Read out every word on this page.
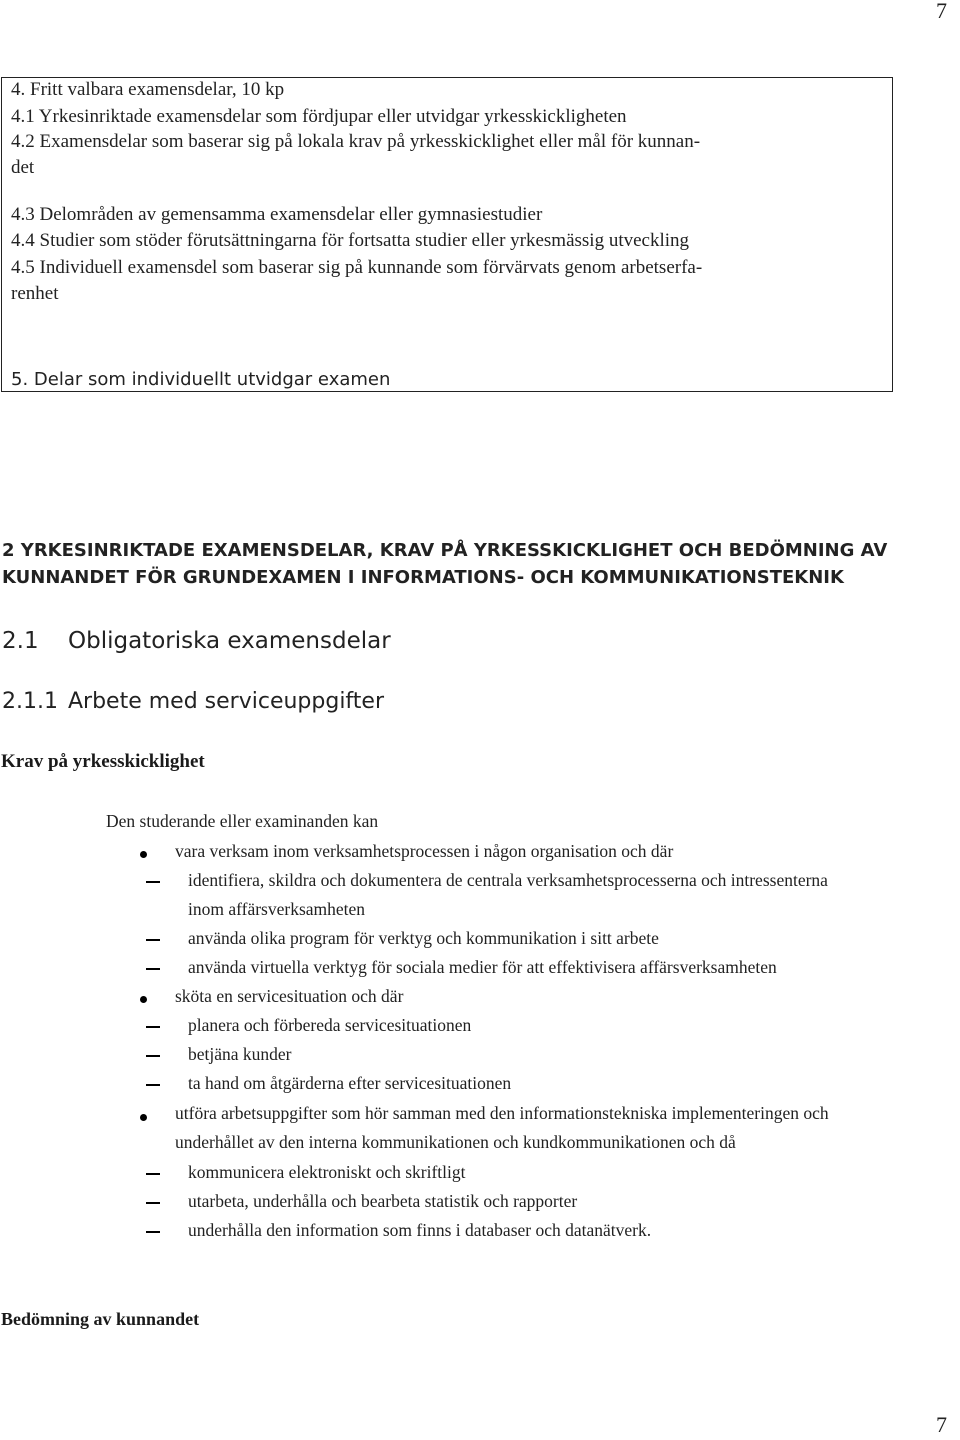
7
7
4. Fritt valbara examensdelar, 10 kp
4.1 Yrkesinriktade examensdelar som fördjupar eller utvidgar yrkesskickligheten
4.2 Examensdelar som baserar sig på lokala krav på yrkesskicklighet eller mål för kunnan-
det
4.3 Delområden av gemensamma examensdelar eller gymnasiestudier
4.4 Studier som stöder förutsättningarna för fortsatta studier eller yrkesmässig utveckling
4.5 Individuell examensdel som baserar sig på kunnande som förvärvats genom arbetserfa-
renhet
5. Delar som individuellt utvidgar examen
2 YRKESINRIKTADE EXAMENSDELAR, KRAV PÅ YRKESSKICKLIGHET OCH BEDÖMNING AV
KUNNANDET FÖR GRUNDEXAMEN I INFORMATIONS- OCH KOMMUNIKATIONSTEKNIK
2.1 Obligatoriska examensdelar
2.1.1 Arbete med serviceuppgifter
Krav på yrkesskicklighet
Den studerande eller examinanden kan
vara verksam inom verksamhetsprocessen i någon organisation och där
identifiera, skildra och dokumentera de centrala verksamhetsprocesserna och intressenterna
inom affärsverksamheten
använda olika program för verktyg och kommunikation i sitt arbete
använda virtuella verktyg för sociala medier för att effektivisera affärsverksamheten
sköta en servicesituation och där
planera och förbereda servicesituationen
betjäna kunder
ta hand om åtgärderna efter servicesituationen
utföra arbetsuppgifter som hör samman med den informationstekniska implementeringen och
underhållet av den interna kommunikationen och kundkommunikationen och då
kommunicera elektroniskt och skriftligt
utarbeta, underhålla och bearbeta statistik och rapporter
underhålla den information som finns i databaser och datanätverk.
Bedömning av kunnandet
